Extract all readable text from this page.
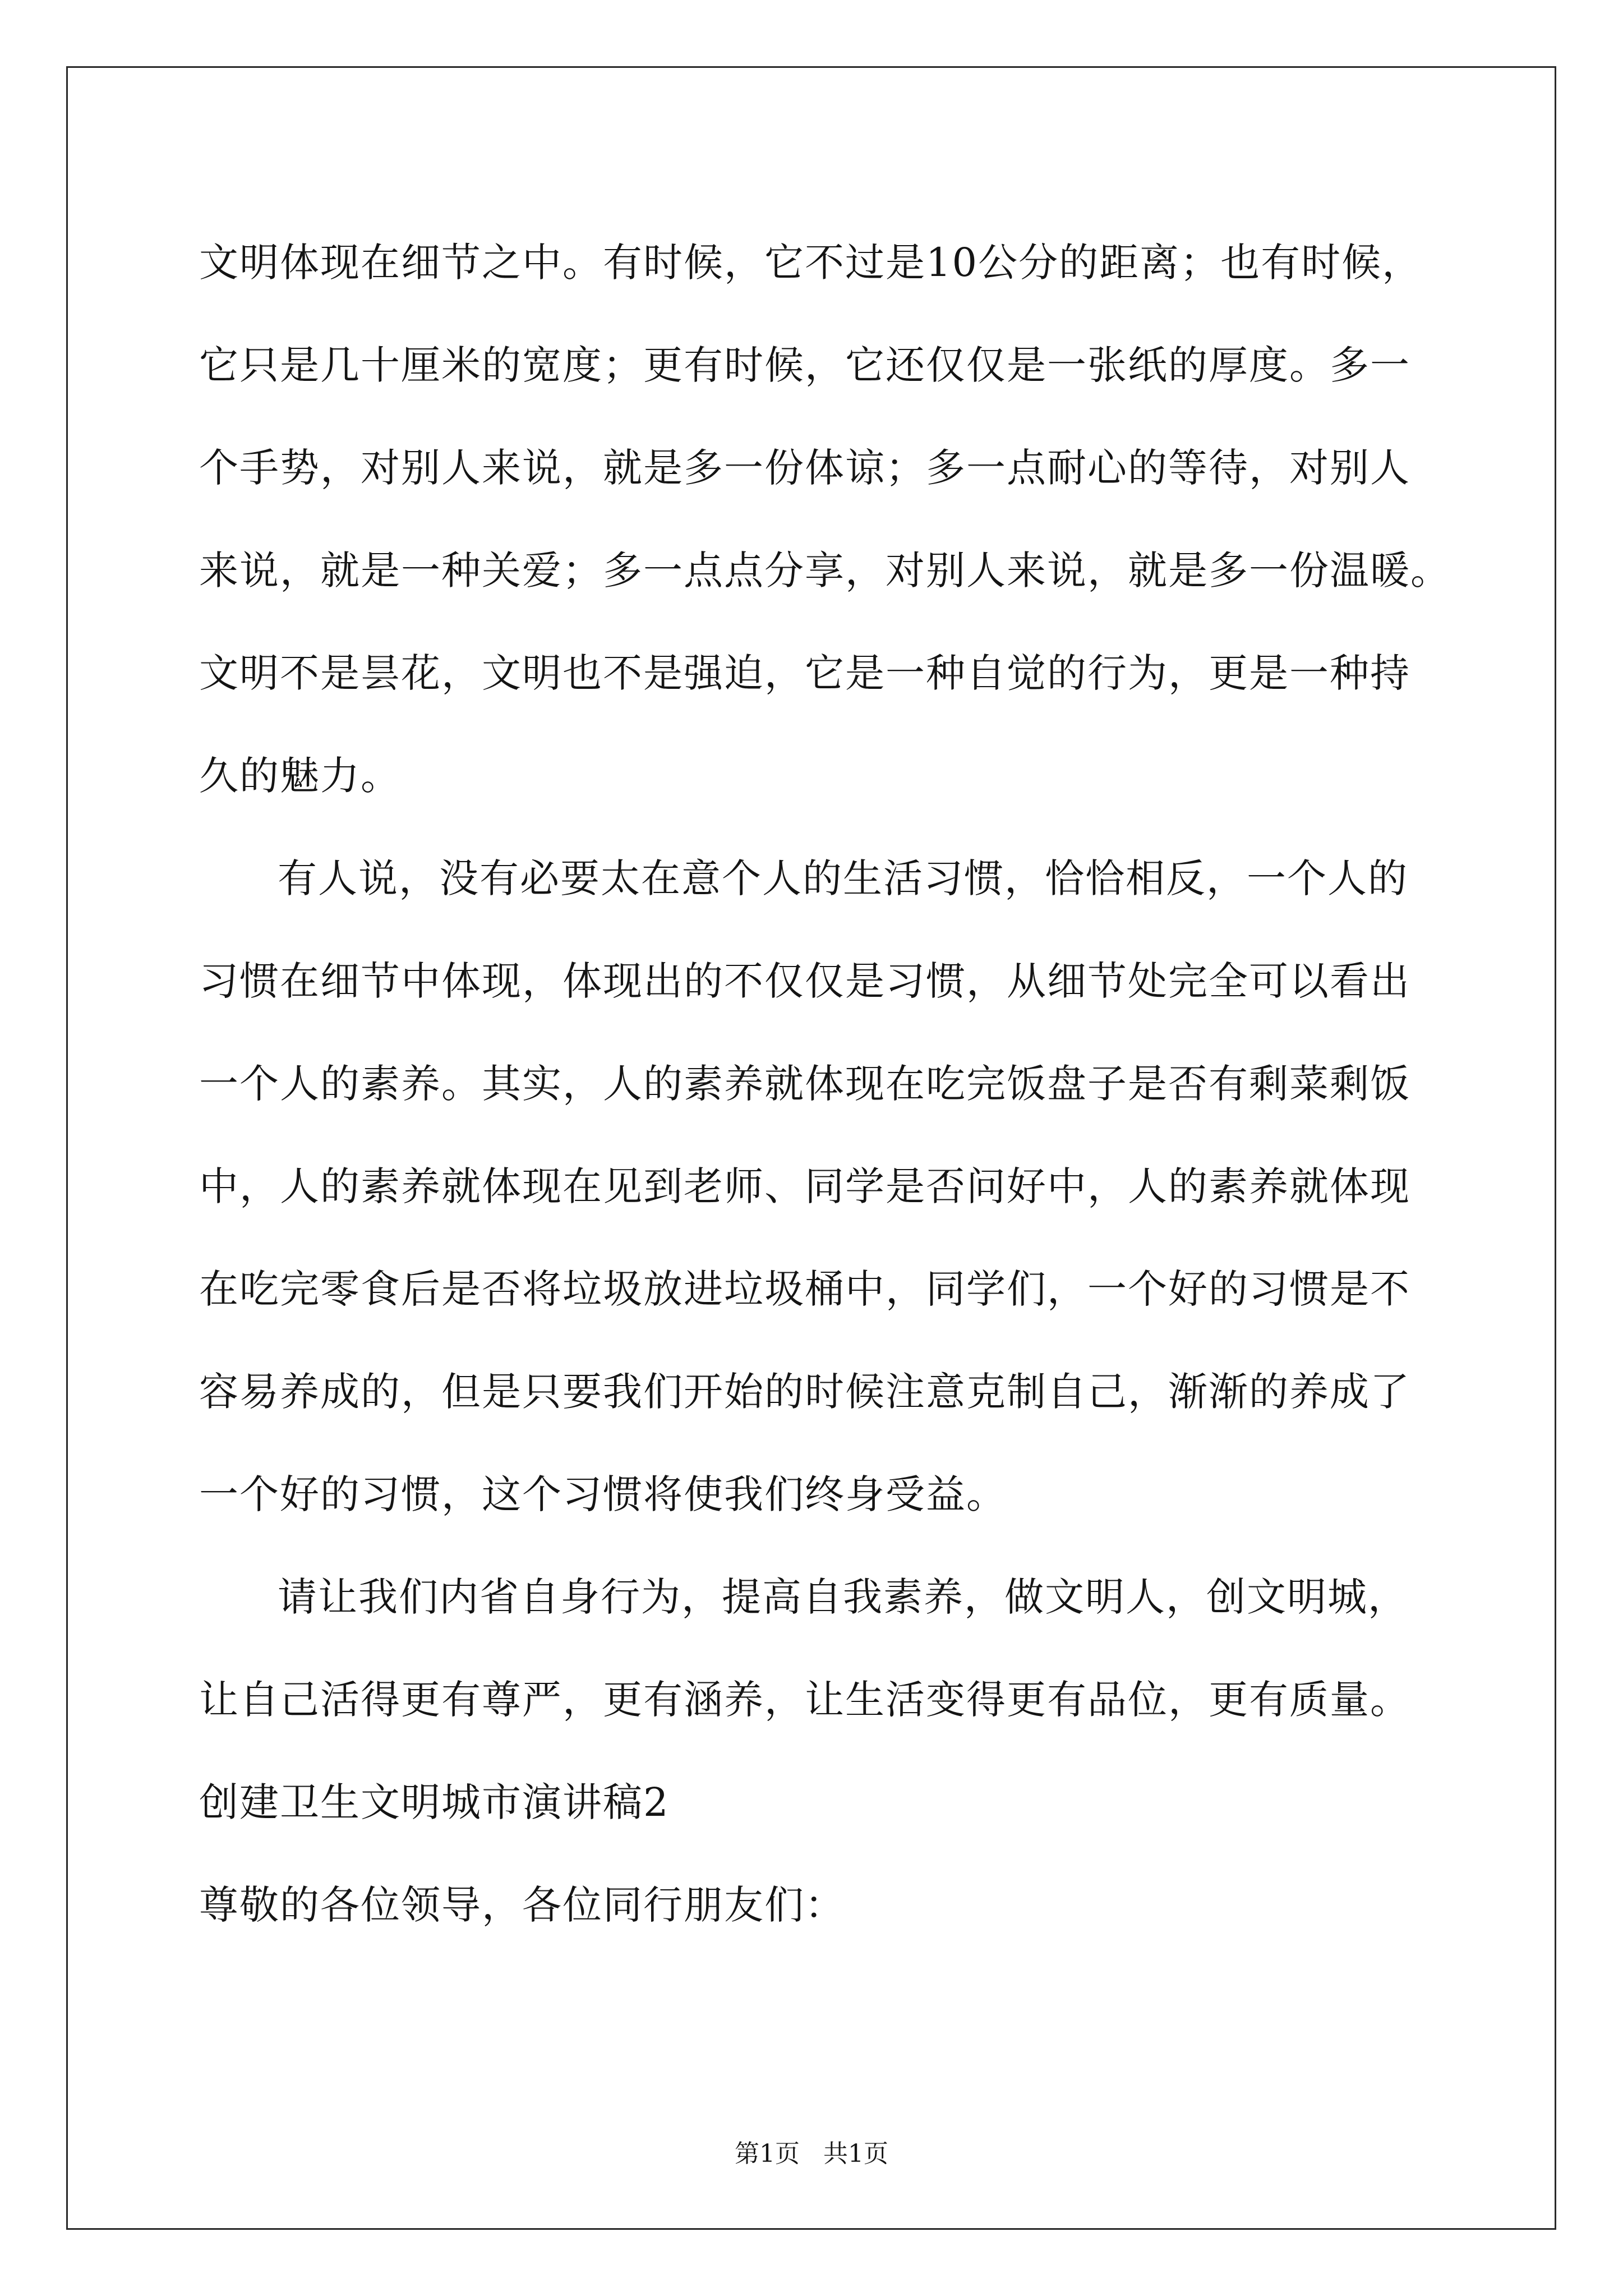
文明体现在细节之中。有时候，它不过是10公分的距离；也有时候，
它只是几十厘米的宽度；更有时候，它还仅仅是一张纸的厚度。多一
个手势，对别人来说，就是多一份体谅；多一点耐心的等待，对别人
来说，就是一种关爱；多一点点分享，对别人来说，就是多一份温暖。
文明不是昙花，文明也不是强迫，它是一种自觉的行为，更是一种持
久的魅力。
有人说，没有必要太在意个人的生活习惯，恰恰相反，一个人的
习惯在细节中体现，体现出的不仅仅是习惯，从细节处完全可以看出
一个人的素养。其实，人的素养就体现在吃完饭盘子是否有剩菜剩饭
中，人的素养就体现在见到老师、同学是否问好中，人的素养就体现
在吃完零食后是否将垃圾放进垃圾桶中，同学们，一个好的习惯是不
容易养成的，但是只要我们开始的时候注意克制自己，渐渐的养成了
一个好的习惯，这个习惯将使我们终身受益。
请让我们内省自身行为，提高自我素养，做文明人，创文明城，
让自己活得更有尊严，更有涵养，让生活变得更有品位，更有质量。
创建卫生文明城市演讲稿2
尊敬的各位领导，各位同行朋友们：
第1页   共1页
